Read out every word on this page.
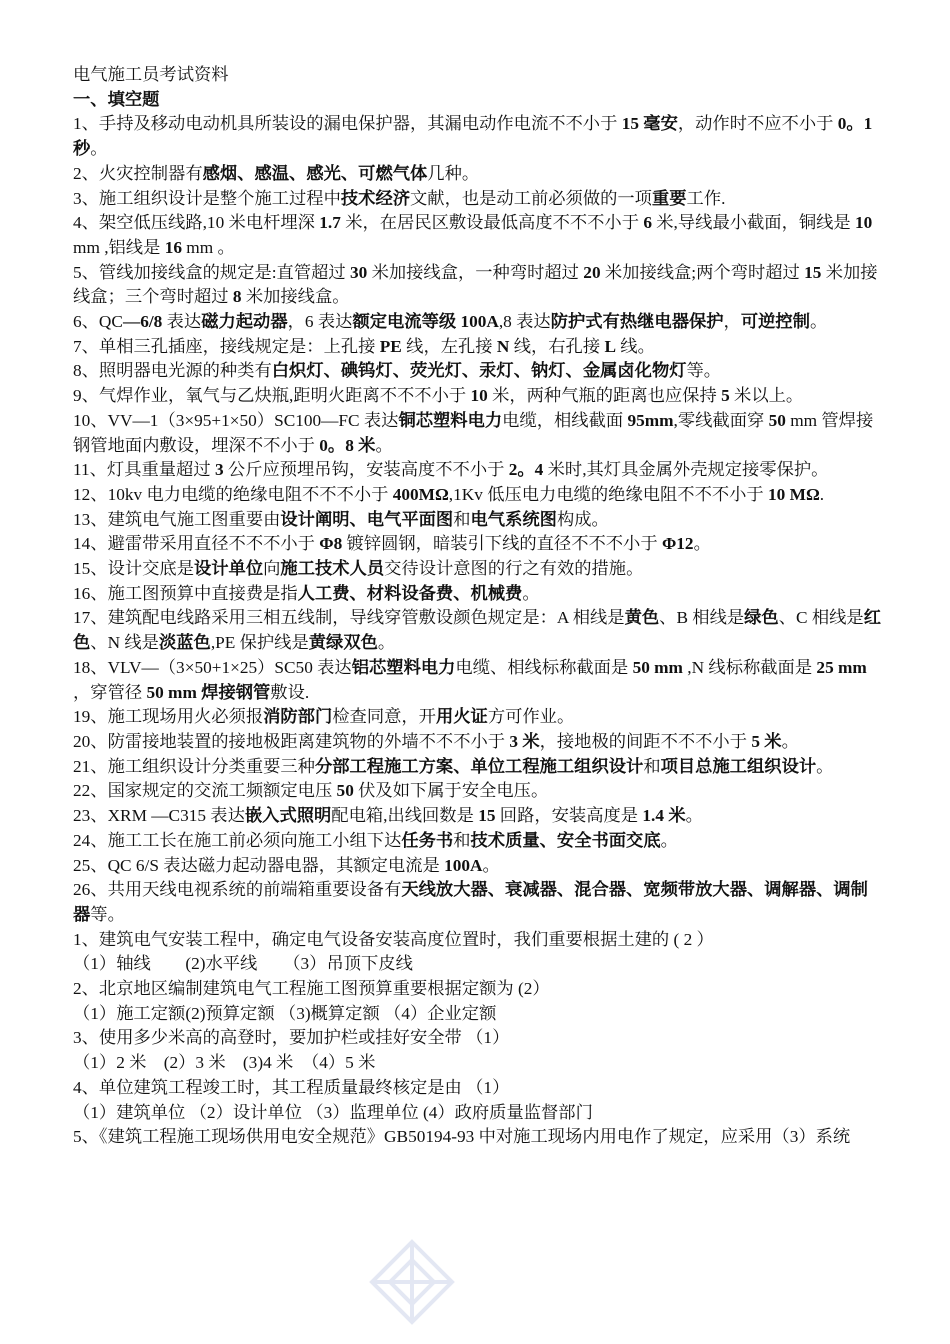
电气施工员考试资料

一、填空题

1、手持及移动电动机具所装设的漏电保护器，其漏电动作电流不不小于 15 毫安，动作时不应不小于 0。1 秒。

2、火灾控制器有感烟、感温、感光、可燃气体几种。

3、施工组织设计是整个施工过程中技术经济文献，也是动工前必须做的一项重要工作.

4、架空低压线路,10 米电杆埋深 1.7 米，在居民区敷设最低高度不不不小于 6 米,导线最小截面，铜线是 10 mm ,铝线是 16 mm 。

5、管线加接线盒的规定是:直管超过 30 米加接线盒，一种弯时超过 20 米加接线盒;两个弯时超过 15 米加接线盒；三个弯时超过 8 米加接线盒。

6、QC—6/8 表达磁力起动器，6 表达额定电流等级 100A,8 表达防护式有热继电器保护，可逆控制。

7、单相三孔插座，接线规定是：上孔接 PE 线，左孔接 N 线，右孔接 L 线。

8、照明器电光源的种类有白炽灯、碘钨灯、荧光灯、汞灯、钠灯、金属卤化物灯等。

9、气焊作业，氧气与乙炔瓶,距明火距离不不不小于 10 米，两种气瓶的距离也应保持 5 米以上。

10、VV—1（3×95+1×50）SC100—FC 表达铜芯塑料电力电缆，相线截面 95mm,零线截面穿 50 mm 管焊接钢管地面内敷设，埋深不不小于 0。8 米。

11、灯具重量超过 3 公斤应预埋吊钩，安装高度不不小于 2。4 米时,其灯具金属外壳规定接零保护。

12、10kv 电力电缆的绝缘电阻不不不小于 400MΩ,1Kv 低压电力电缆的绝缘电阻不不不小于 10 MΩ.

13、建筑电气施工图重要由设计阐明、电气平面图和电气系统图构成。

14、避雷带采用直径不不不小于 Φ8 镀锌圆钢，暗装引下线的直径不不不小于 Φ12。

15、设计交底是设计单位向施工技术人员交待设计意图的行之有效的措施。

16、施工图预算中直接费是指人工费、材料设备费、机械费。

17、建筑配电线路采用三相五线制，导线穿管敷设颜色规定是：A 相线是黄色、B 相线是绿色、C 相线是红色、N 线是淡蓝色,PE 保护线是黄绿双色。

18、VLV—（3×50+1×25）SC50 表达铝芯塑料电力电缆、相线标称截面是 50 mm ,N 线标称截面是 25 mm ，穿管径 50 mm 焊接钢管敷设.

19、施工现场用火必须报消防部门检查同意，开用火证方可作业。

20、防雷接地装置的接地极距离建筑物的外墙不不不小于 3 米，接地极的间距不不不小于 5 米。

21、施工组织设计分类重要三种分部工程施工方案、单位工程施工组织设计和项目总施工组织设计。

22、国家规定的交流工频额定电压 50 伏及如下属于安全电压。

23、XRM —C315 表达嵌入式照明配电箱,出线回数是 15 回路，安装高度是 1.4 米。

24、施工工长在施工前必须向施工小组下达任务书和技术质量、安全书面交底。

25、QC 6/S 表达磁力起动器电器，其额定电流是 100A。

26、共用天线电视系统的前端箱重要设备有天线放大器、衰减器、混合器、宽频带放大器、调解器、调制器等。

1、建筑电气安装工程中，确定电气设备安装高度位置时，我们重要根据土建的 ( 2 ）

（1）轴线　　(2)水平线　　（3）吊顶下皮线

2、北京地区编制建筑电气工程施工图预算重要根据定额为 (2）

（1）施工定额(2)预算定额 （3)概算定额 （4）企业定额

3、使用多少米高的高登时，要加护栏或挂好安全带 （1）

（1）2 米　(2）3 米　(3)4 米　（4）5 米

4、单位建筑工程竣工时，其工程质量最终核定是由 （1）

（1）建筑单位 （2）设计单位 （3）监理单位 (4）政府质量监督部门

5、《建筑工程施工现场供用电安全规范》GB50194-93 中对施工现场内用电作了规定，应采用（3）系统
